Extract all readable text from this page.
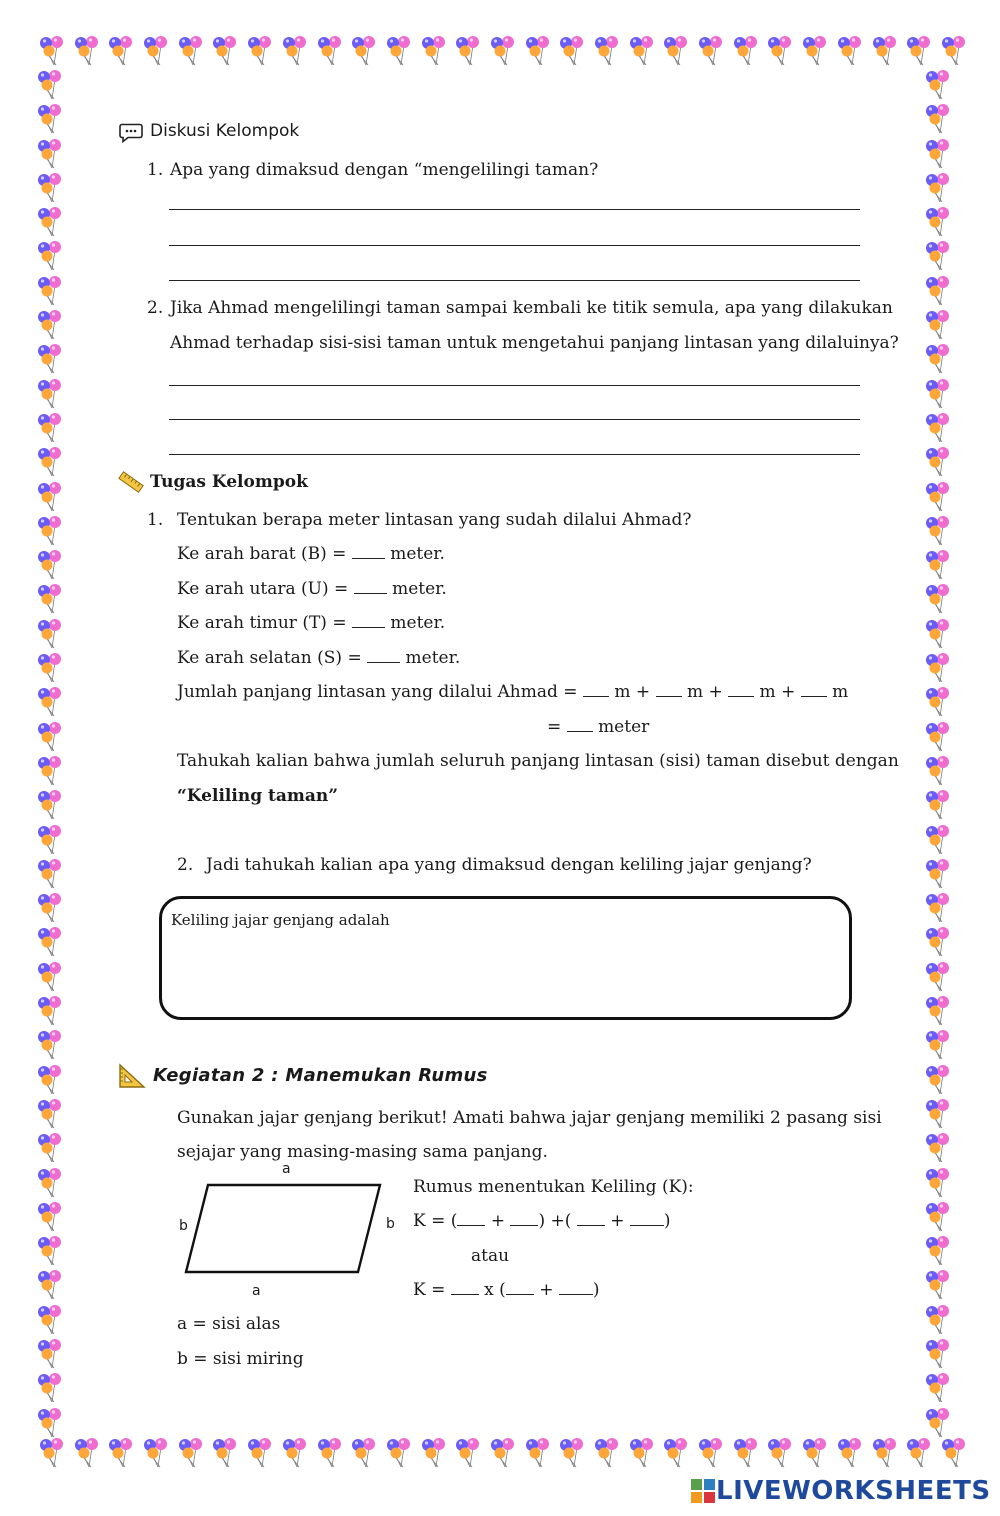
Diskusi Kelompok
1. Apa yang dimaksud dengan “mengelilingi taman?
2. Jika Ahmad mengelilingi taman sampai kembali ke titik semula, apa yang dilakukan
Ahmad terhadap sisi-sisi taman untuk mengetahui panjang lintasan yang dilaluinya?
Tugas Kelompok
1. Tentukan berapa meter lintasan yang sudah dilalui Ahmad?
Ke arah barat (B) =	meter.
Ke arah utara (U) =	meter.
Ke arah timur (T) =	meter.
Ke arah selatan (S) =	meter.
Jumlah panjang lintasan yang dilalui Ahmad = m + m + m + m
= meter
Tahukah kalian bahwa jumlah seluruh panjang lintasan (sisi) taman disebut dengan
“Keliling taman”
2. Jadi tahukah kalian apa yang dimaksud dengan keliling jajar genjang?
Keliling jajar genjang adalah
Kegiatan 2 : Manemukan Rumus
Gunakan jajar genjang berikut! Amati bahwa jajar genjang memiliki 2 pasang sisi
sejajar yang masing-masing sama panjang.
a
a
b	b
Rumus menentukan Keliling (K):
K = ( + ) +( + )
atau
K = x ( + )
a = sisi alas
b = sisi miring
LIVEWORKSHEETS
